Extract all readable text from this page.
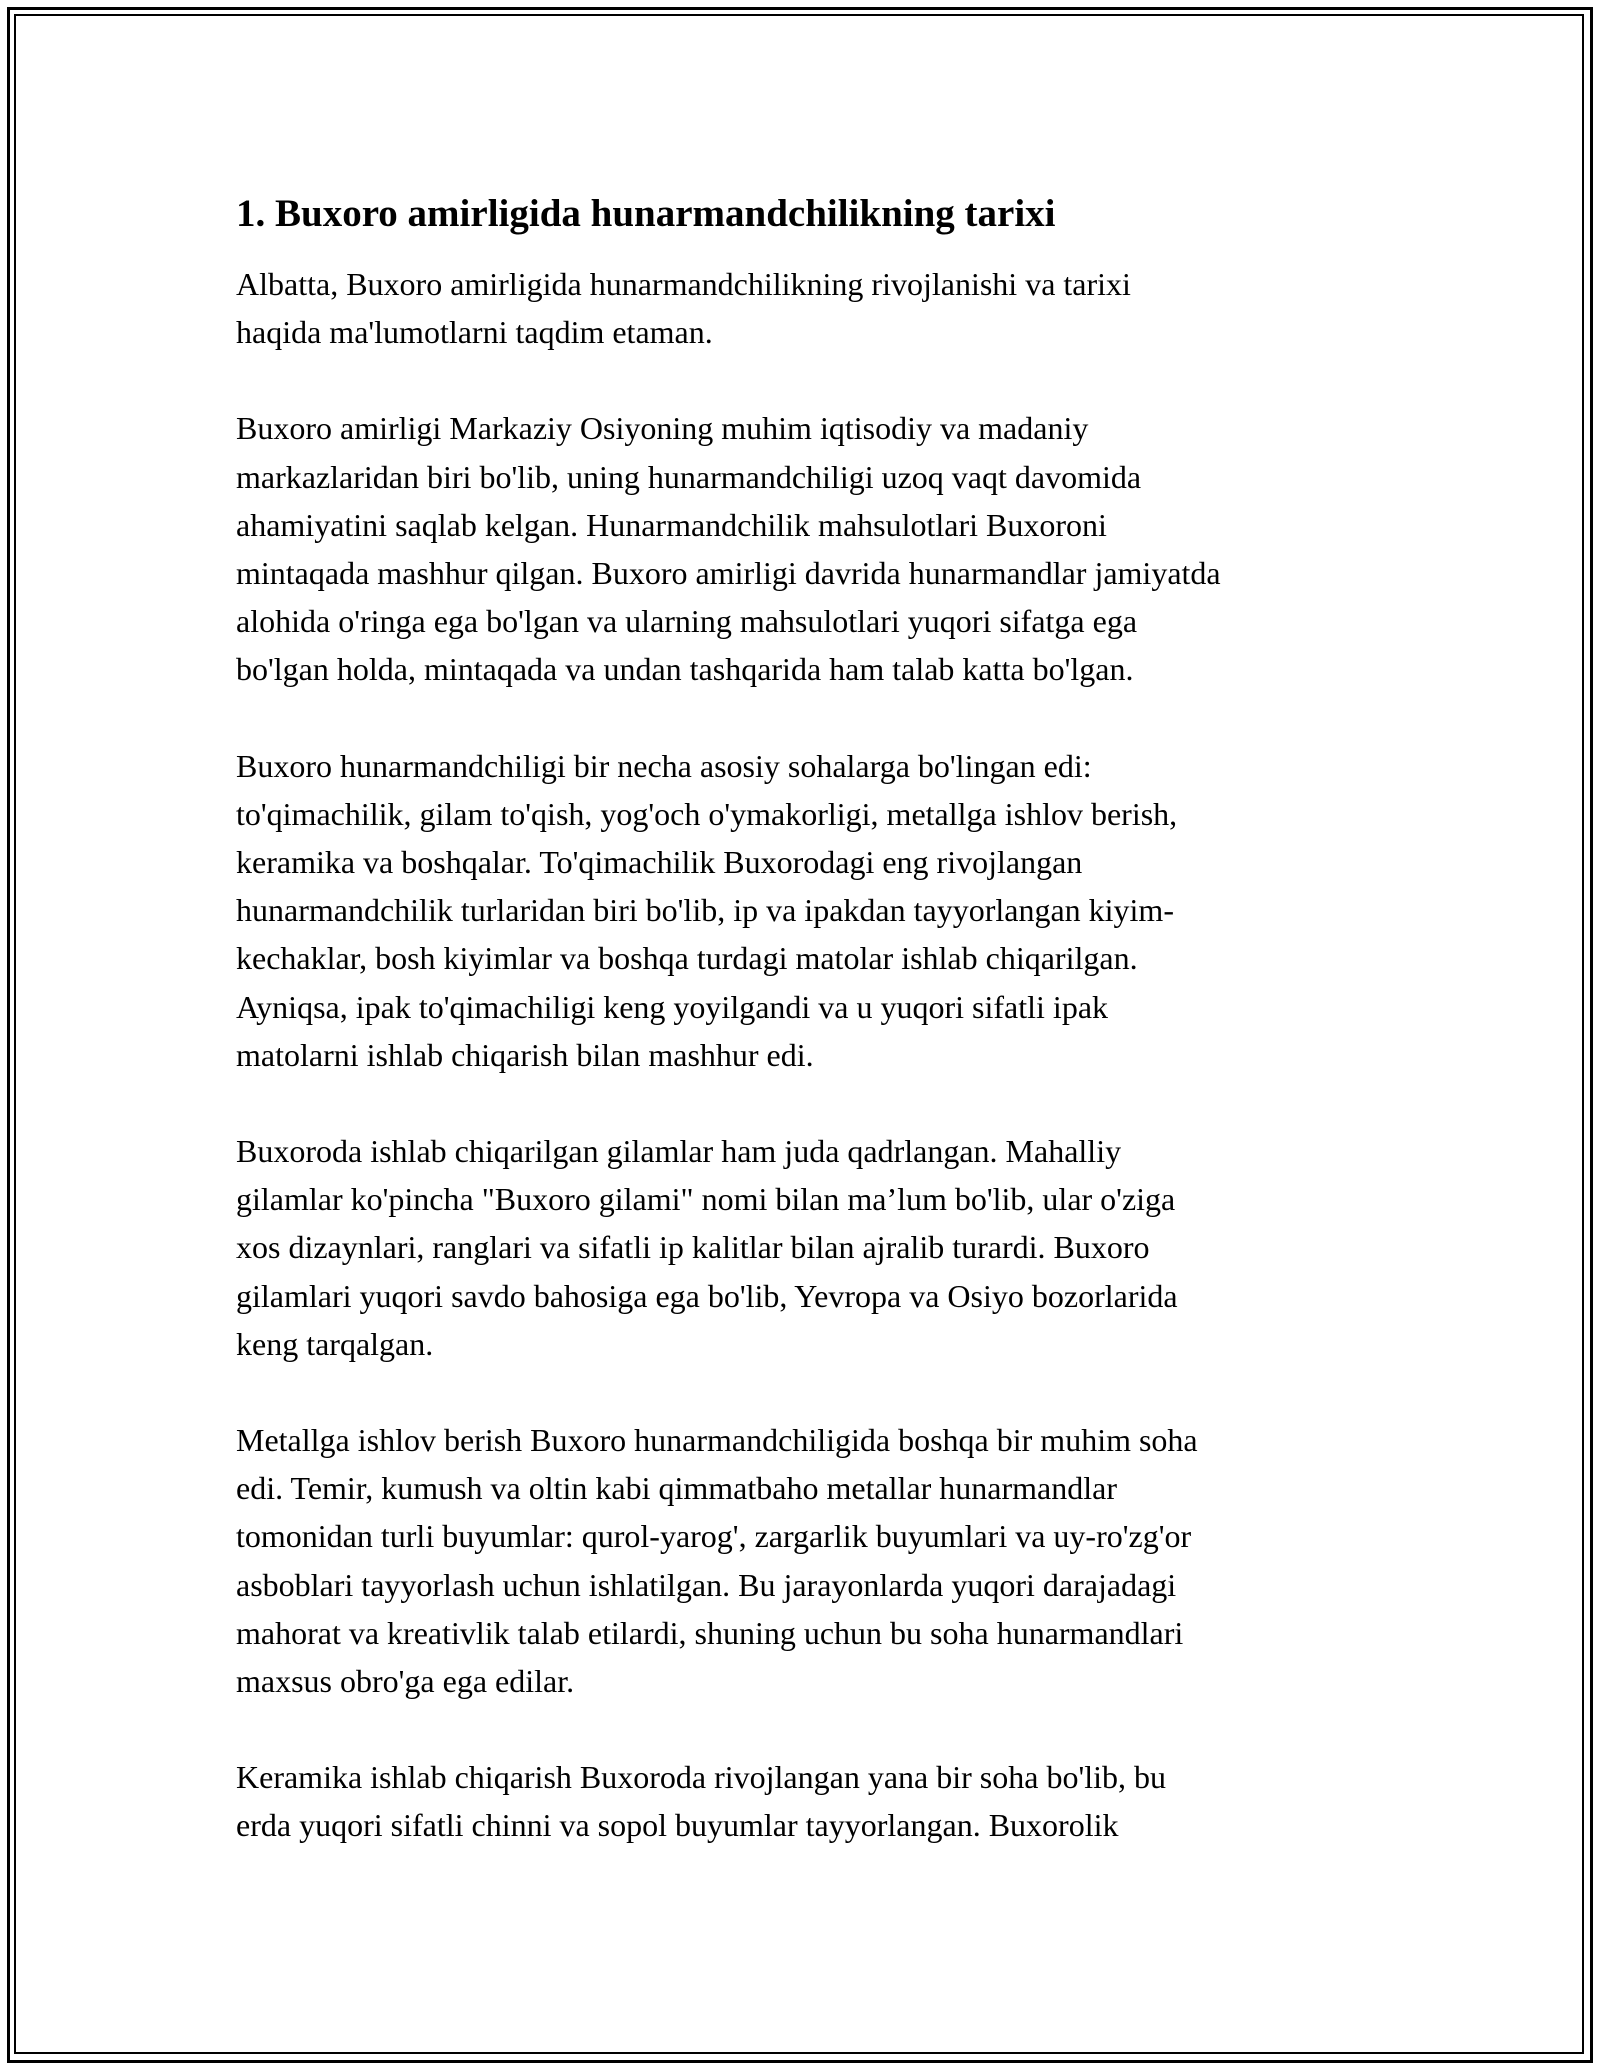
1. Buxoro amirligida hunarmandchilikning tarixi
Albatta, Buxoro amirligida hunarmandchilikning rivojlanishi va tarixi
haqida ma'lumotlarni taqdim etaman.
Buxoro amirligi Markaziy Osiyoning muhim iqtisodiy va madaniy
markazlaridan biri bo'lib, uning hunarmandchiligi uzoq vaqt davomida
ahamiyatini saqlab kelgan. Hunarmandchilik mahsulotlari Buxoroni
mintaqada mashhur qilgan. Buxoro amirligi davrida hunarmandlar jamiyatda
alohida o'ringa ega bo'lgan va ularning mahsulotlari yuqori sifatga ega
bo'lgan holda, mintaqada va undan tashqarida ham talab katta bo'lgan.
Buxoro hunarmandchiligi bir necha asosiy sohalarga bo'lingan edi:
to'qimachilik, gilam to'qish, yog'och o'ymakorligi, metallga ishlov berish,
keramika va boshqalar. To'qimachilik Buxorodagi eng rivojlangan
hunarmandchilik turlaridan biri bo'lib, ip va ipakdan tayyorlangan kiyim-
kechaklar, bosh kiyimlar va boshqa turdagi matolar ishlab chiqarilgan.
Ayniqsa, ipak to'qimachiligi keng yoyilgandi va u yuqori sifatli ipak
matolarni ishlab chiqarish bilan mashhur edi.
Buxoroda ishlab chiqarilgan gilamlar ham juda qadrlangan. Mahalliy
gilamlar ko'pincha "Buxoro gilami" nomi bilan ma’lum bo'lib, ular o'ziga
xos dizaynlari, ranglari va sifatli ip kalitlar bilan ajralib turardi. Buxoro
gilamlari yuqori savdo bahosiga ega bo'lib, Yevropa va Osiyo bozorlarida
keng tarqalgan.
Metallga ishlov berish Buxoro hunarmandchiligida boshqa bir muhim soha
edi. Temir, kumush va oltin kabi qimmatbaho metallar hunarmandlar
tomonidan turli buyumlar: qurol-yarog', zargarlik buyumlari va uy-ro'zg'or
asboblari tayyorlash uchun ishlatilgan. Bu jarayonlarda yuqori darajadagi
mahorat va kreativlik talab etilardi, shuning uchun bu soha hunarmandlari
maxsus obro'ga ega edilar.
Keramika ishlab chiqarish Buxoroda rivojlangan yana bir soha bo'lib, bu
erda yuqori sifatli chinni va sopol buyumlar tayyorlangan. Buxorolik
